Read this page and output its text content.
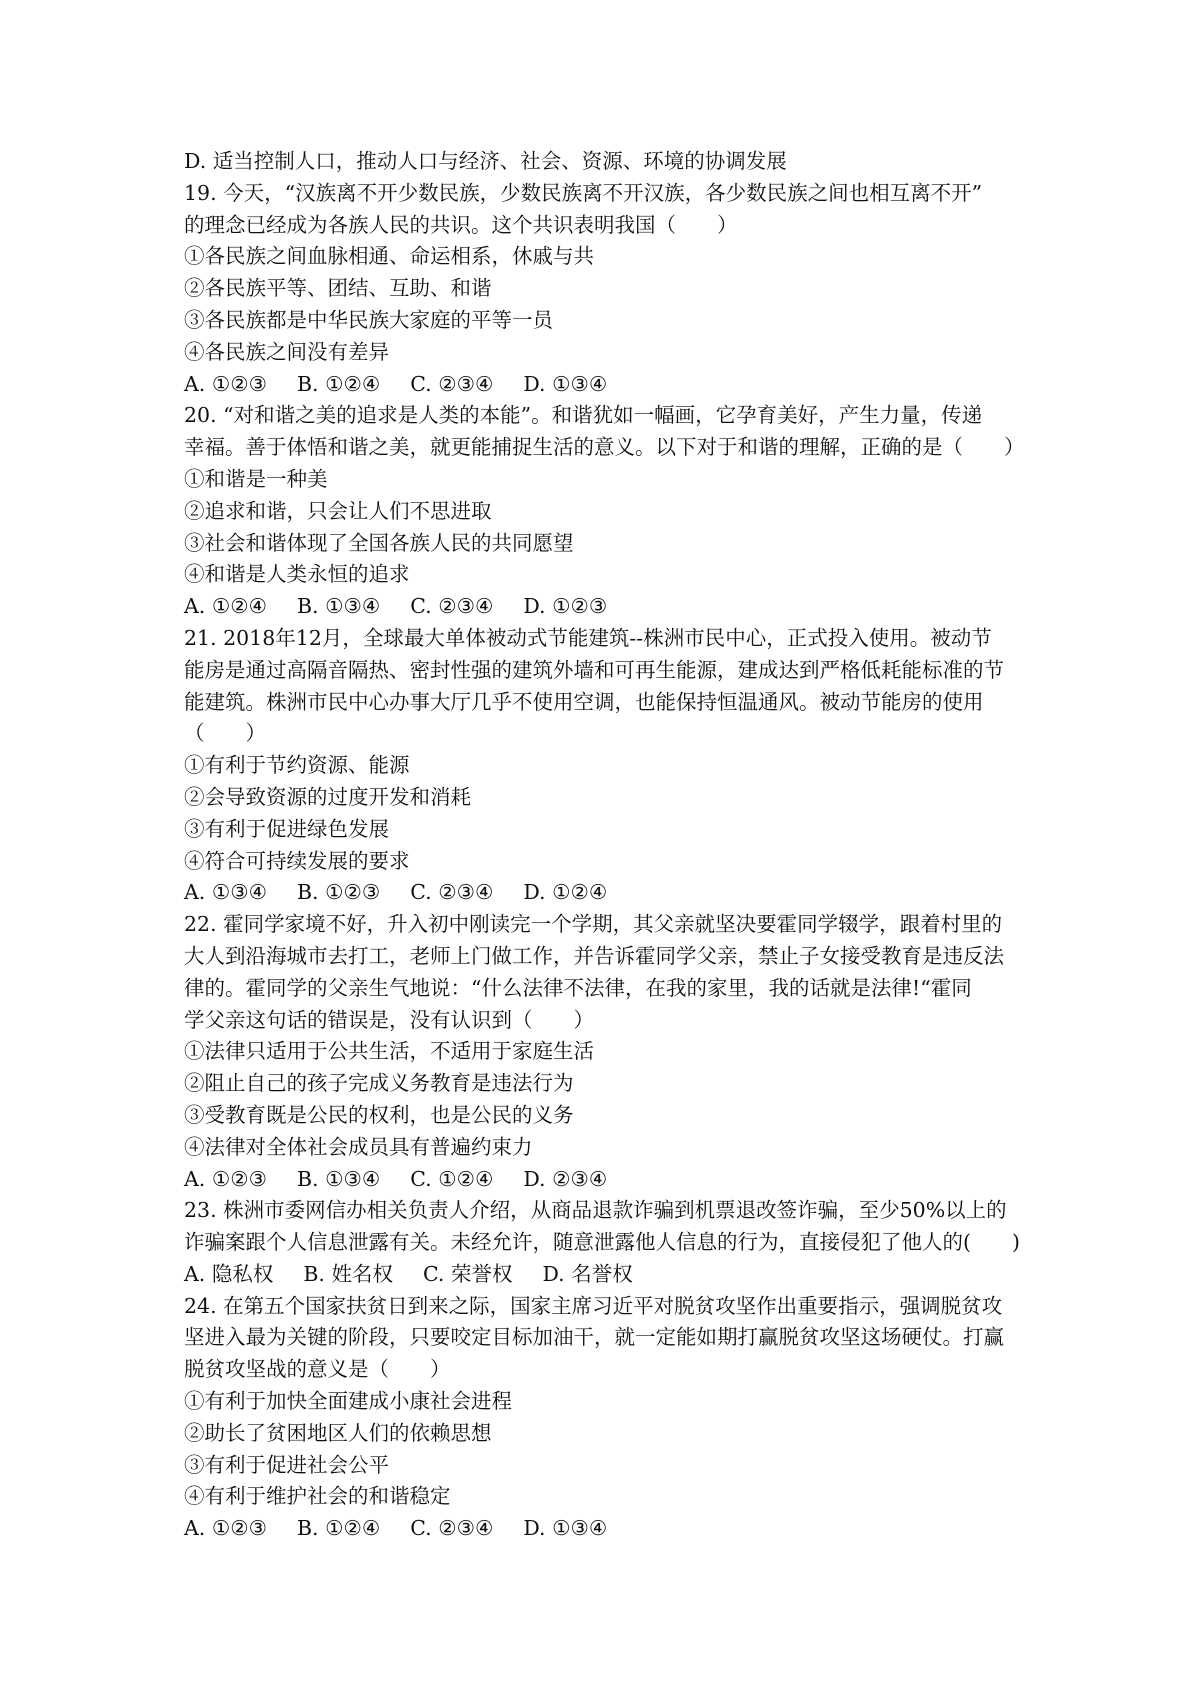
D. 适当控制人口，推动人口与经济、社会、资源、环境的协调发展
19. 今天，“汉族离不开少数民族，少数民族离不开汉族，各少数民族之间也相互离不开”
的理念已经成为各族人民的共识。这个共识表明我国（　　）
①各民族之间血脉相通、命运相系，休戚与共
②各民族平等、团结、互助、和谐
③各民族都是中华民族大家庭的平等一员
④各民族之间没有差异
A. ①②③ B. ①②④ C. ②③④ D. ①③④
20. “对和谐之美的追求是人类的本能”。和谐犹如一幅画，它孕育美好，产生力量，传递
幸福。善于体悟和谐之美，就更能捕捉生活的意义。以下对于和谐的理解，正确的是（　　）
①和谐是一种美
②追求和谐，只会让人们不思进取
③社会和谐体现了全国各族人民的共同愿望
④和谐是人类永恒的追求
A. ①②④ B. ①③④ C. ②③④ D. ①②③
21. 2018年12月，全球最大单体被动式节能建筑--株洲市民中心，正式投入使用。被动节
能房是通过高隔音隔热、密封性强的建筑外墙和可再生能源，建成达到严格低耗能标准的节
能建筑。株洲市民中心办事大厅几乎不使用空调，也能保持恒温通风。被动节能房的使用
（　　）
①有利于节约资源、能源
②会导致资源的过度开发和消耗
③有利于促进绿色发展
④符合可持续发展的要求
A. ①③④ B. ①②③ C. ②③④ D. ①②④
22. 霍同学家境不好，升入初中刚读完一个学期，其父亲就坚决要霍同学辍学，跟着村里的
大人到沿海城市去打工，老师上门做工作，并告诉霍同学父亲，禁止子女接受教育是违反法
律的。霍同学的父亲生气地说：“什么法律不法律，在我的家里，我的话就是法律!“霍同
学父亲这句话的错误是，没有认识到（　　）
①法律只适用于公共生活，不适用于家庭生活
②阻止自己的孩子完成义务教育是违法行为
③受教育既是公民的权利，也是公民的义务
④法律对全体社会成员具有普遍约束力
A. ①②③ B. ①③④ C. ①②④ D. ②③④
23. 株洲市委网信办相关负责人介绍，从商品退款诈骗到机票退改签诈骗，至少50%以上的
诈骗案跟个人信息泄露有关。未经允许，随意泄露他人信息的行为，直接侵犯了他人的(　　)
A. 隐私权 B. 姓名权 C. 荣誉权 D. 名誉权
24. 在第五个国家扶贫日到来之际，国家主席习近平对脱贫攻坚作出重要指示，强调脱贫攻
坚进入最为关键的阶段，只要咬定目标加油干，就一定能如期打赢脱贫攻坚这场硬仗。打赢
脱贫攻坚战的意义是（　　）
①有利于加快全面建成小康社会进程
②助长了贫困地区人们的依赖思想
③有利于促进社会公平
④有利于维护社会的和谐稳定
A. ①②③ B. ①②④ C. ②③④ D. ①③④
